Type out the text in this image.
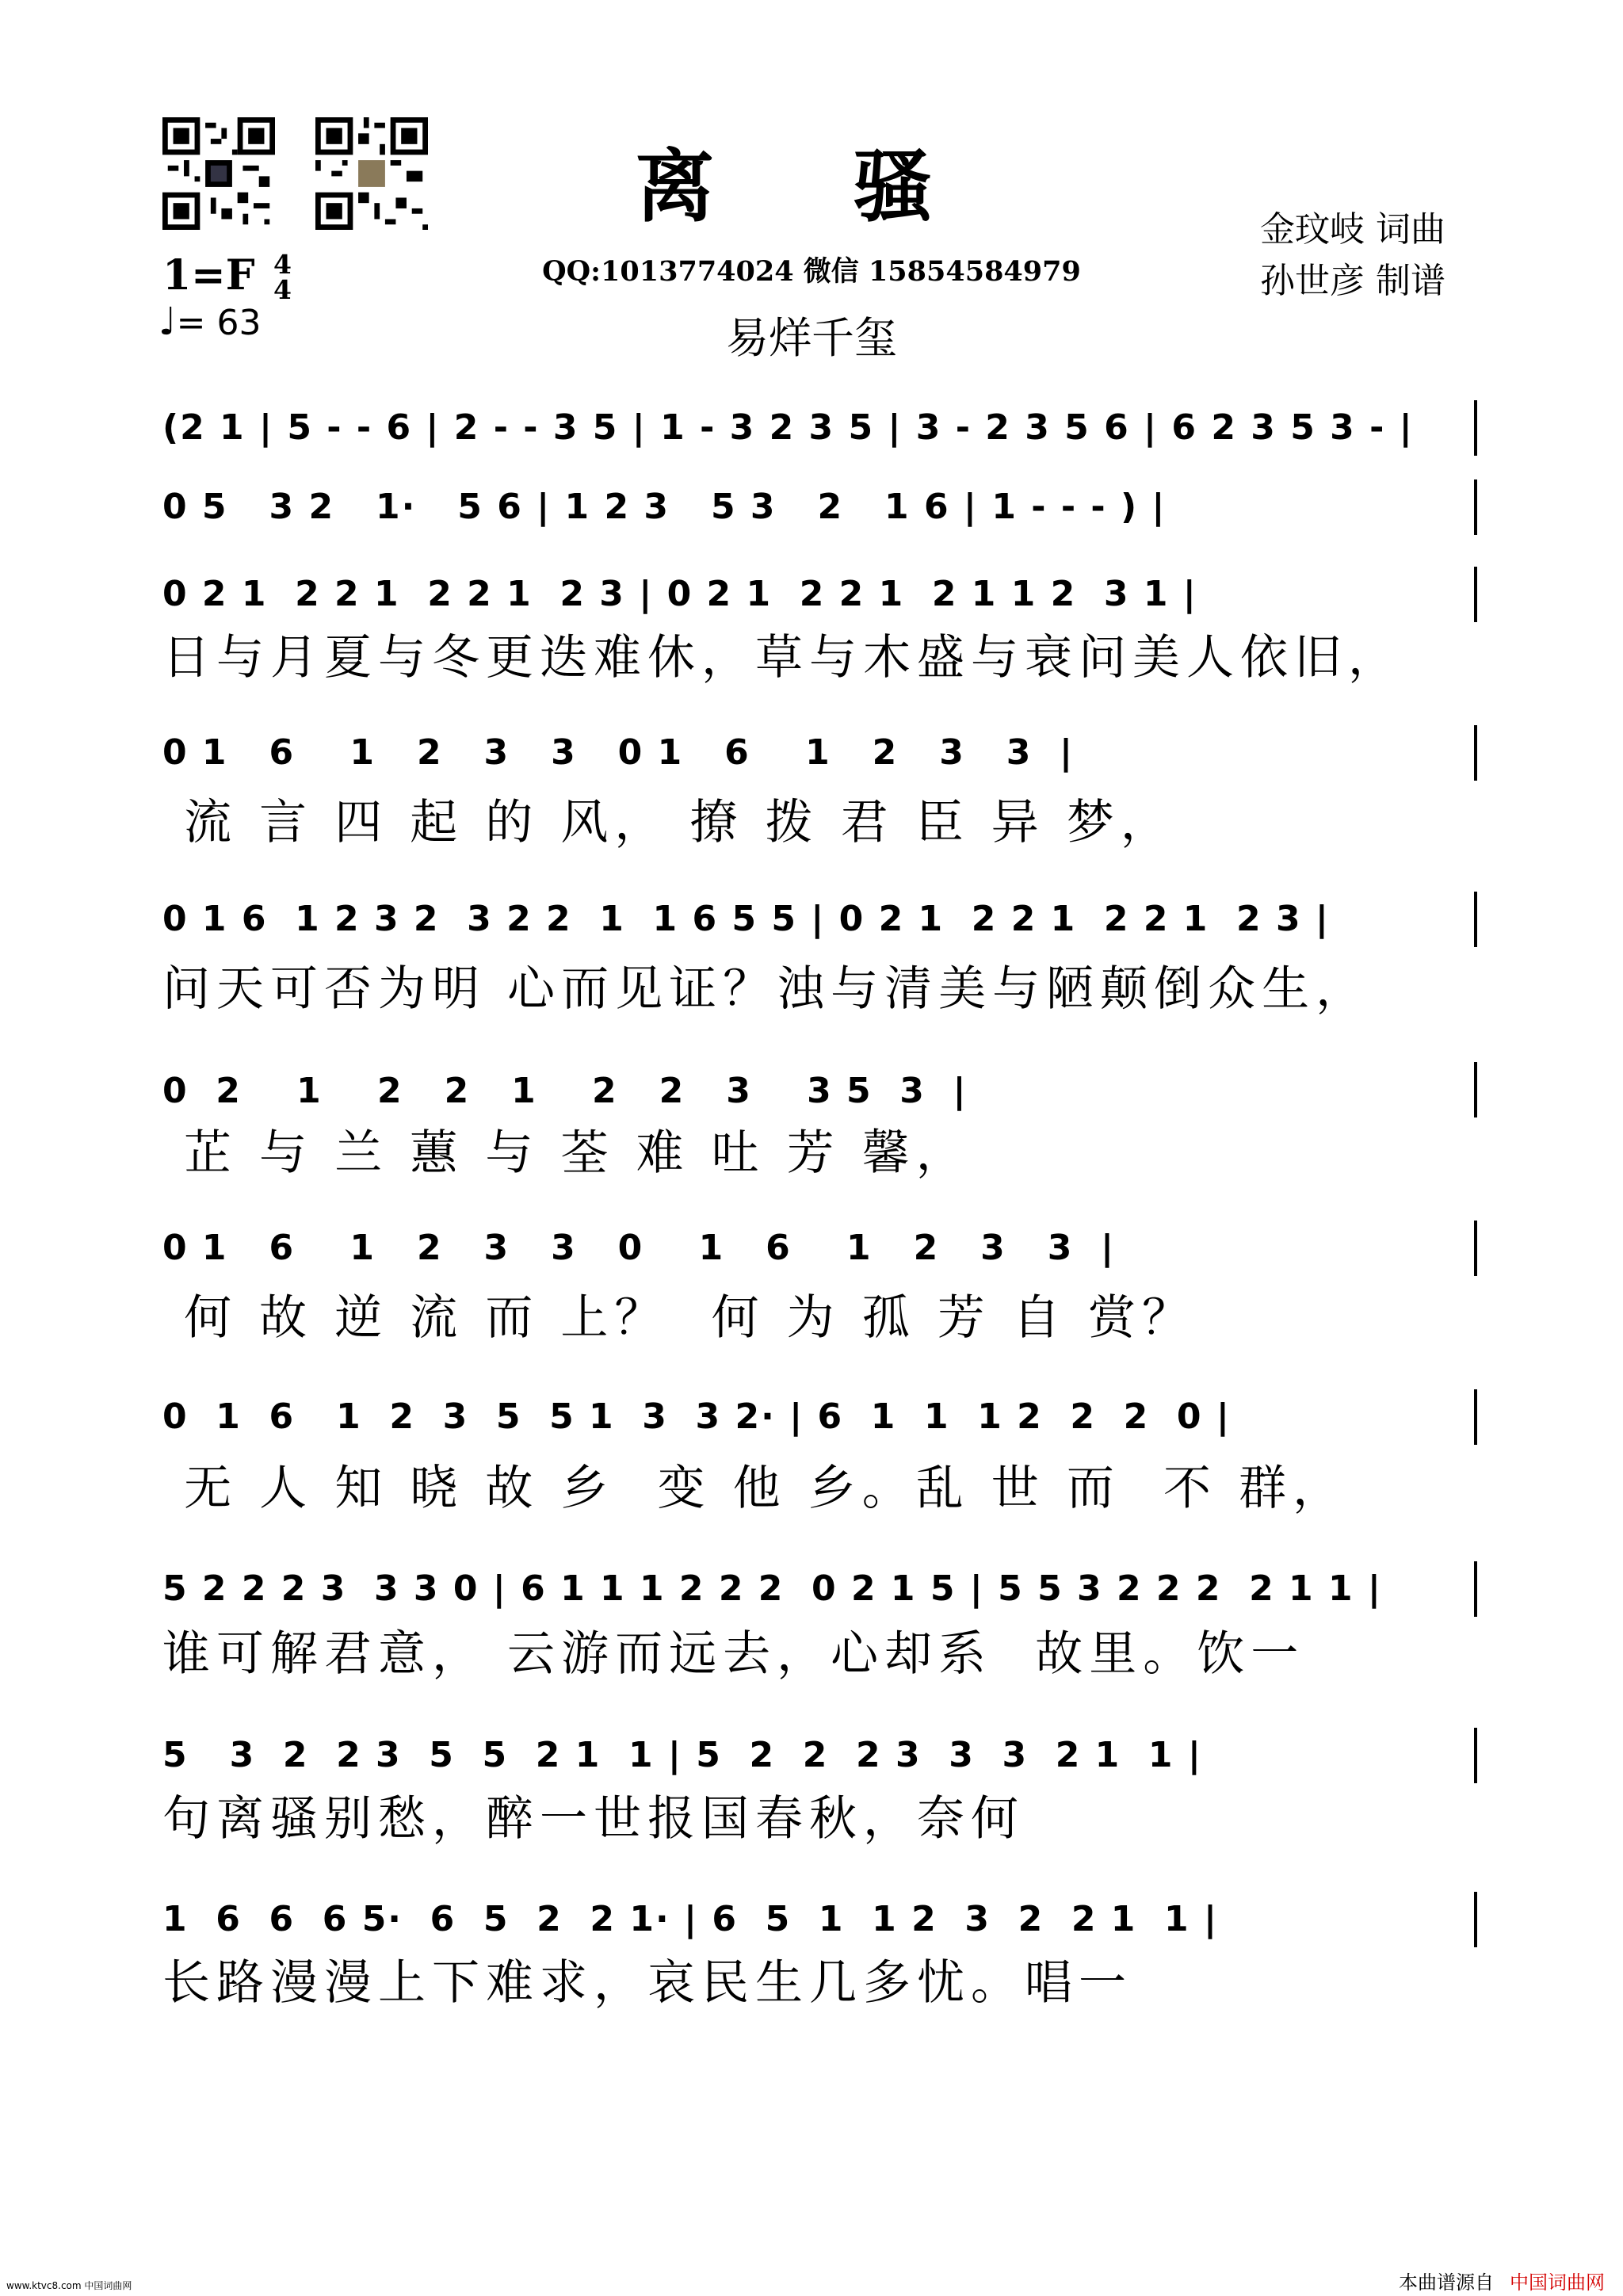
离 骚
QQ:1013774024 微信 15854584979
易烊千玺
金玟岐 词曲
孙世彦 制谱
1=F 4
4
♩= 63
(2 1 | 5 - - 6 | 2 - - 3 5 | 1 - 3 2 3 5 | 3 - 2 3 5 6 | 6 2 3 5 3 - |
0 5   3 2   1·   5 6 | 1 2 3   5 3   2   1 6 | 1 - - - ) |
0 2 1  2 2 1  2 2 1  2 3 | 0 2 1  2 2 1  2 1 1 2  3 1 |
日与月夏与冬更迭难休，草与木盛与衰问美人依旧，
0 1   6    1   2   3   3   0 1   6    1   2   3   3  |
流 言 四 起 的 风， 撩 拨 君 臣 异 梦，
0 1 6  1 2 3 2  3 2 2  1  1 6 5 5 | 0 2 1  2 2 1  2 2 1  2 3 |
问天可否为明 心而见证？浊与清美与陋颠倒众生，
0  2    1    2   2   1    2   2   3    3 5  3  |
芷 与 兰 蕙 与 荃 难 吐 芳 馨，
0 1   6    1   2   3   3   0    1   6    1   2   3   3  |
何 故 逆 流 而 上？  何 为 孤 芳 自 赏？
0  1  6   1  2  3  5  5 1  3  3 2· | 6  1  1  1 2  2  2  0 |
无 人 知 晓 故 乡  变 他 乡。乱 世 而  不 群，
5 2 2 2 3  3 3 0 | 6 1 1 1 2 2 2  0 2 1 5 | 5 5 3 2 2 2  2 1 1 |
谁可解君意， 云游而远去，心却系  故里。饮一
5   3  2  2 3  5  5  2 1  1 | 5  2  2  2 3  3  3  2 1  1 |
句离骚别愁，醉一世报国春秋，奈何
1  6  6  6 5·  6  5  2  2 1· | 6  5  1  1 2  3  2  2 1  1 |
长路漫漫上下难求，哀民生几多忧。唱一
www.ktvc8.com 中国词曲网	本曲谱源自 中国词曲网
